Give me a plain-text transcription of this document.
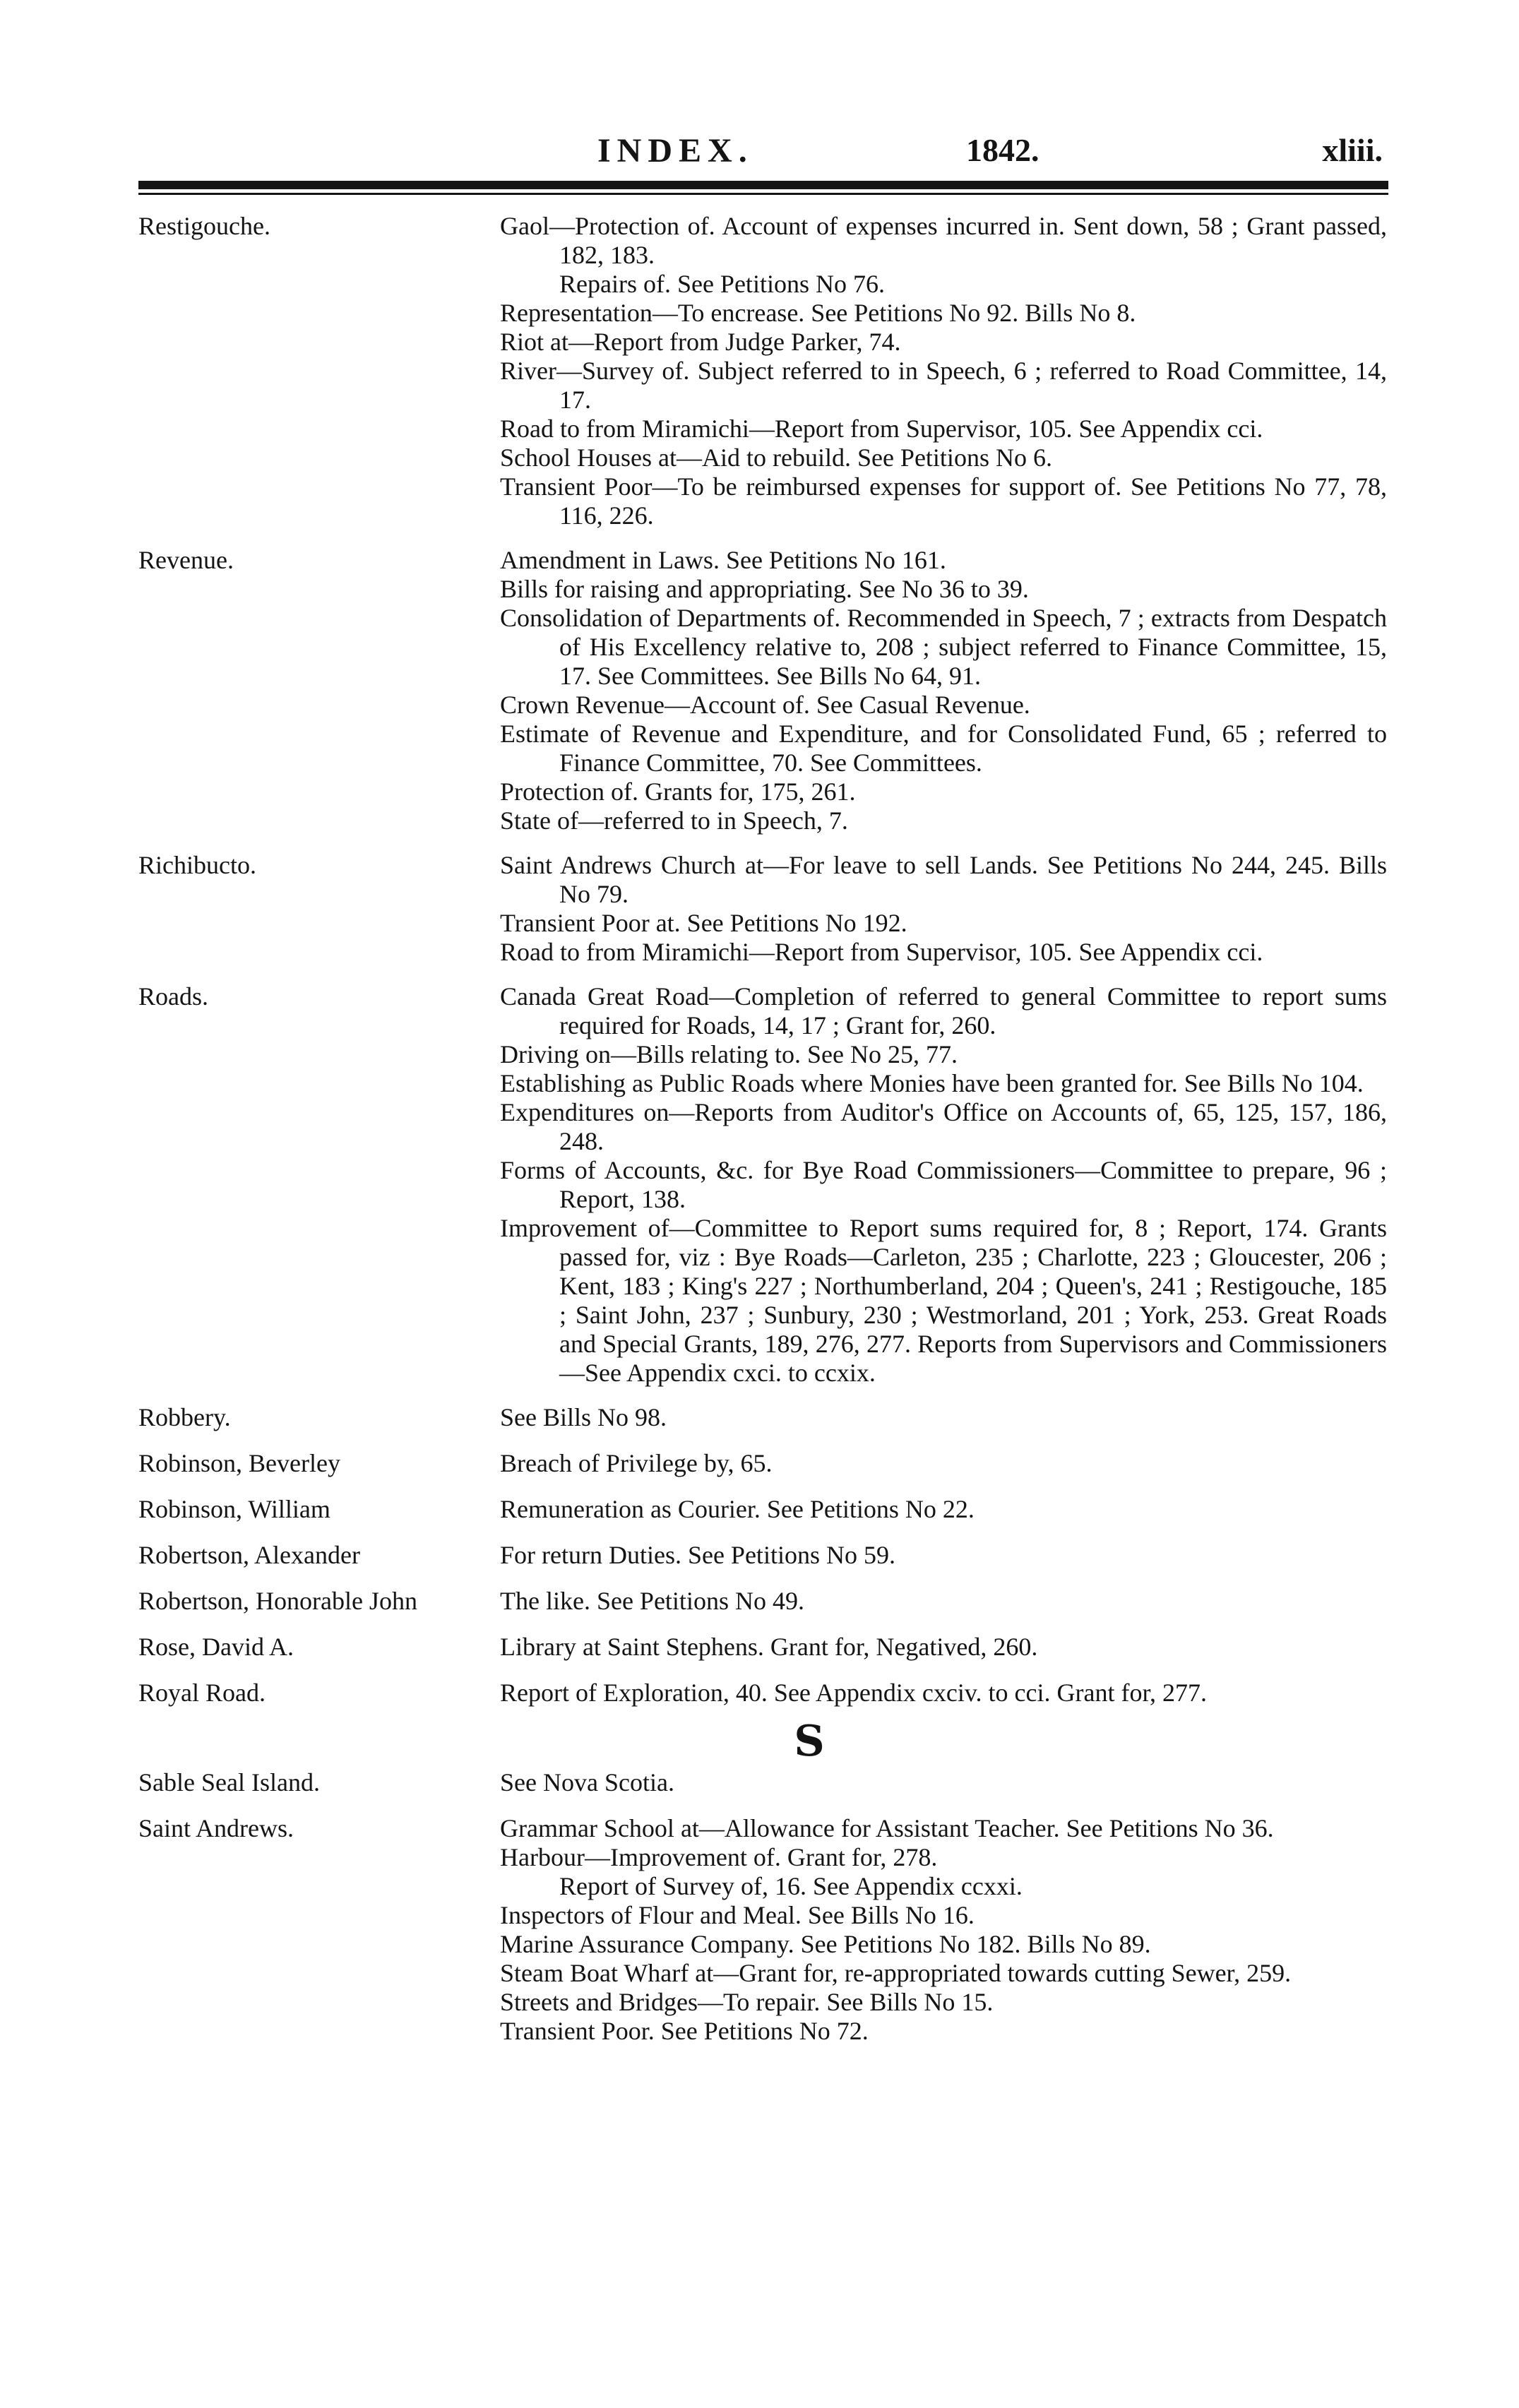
INDEX.	1842.	xliii.
Restigouche.	Gaol—Protection of. Account of expenses incurred in. Sent down, 58 ; Grant passed, 182, 183.
Repairs of. See Petitions No 76.
Representation—To encrease. See Petitions No 92. Bills No 8.
Riot at—Report from Judge Parker, 74.
River—Survey of. Subject referred to in Speech, 6 ; referred to Road Committee, 14, 17.
Road to from Miramichi—Report from Supervisor, 105. See Appendix cci.
School Houses at—Aid to rebuild. See Petitions No 6.
Transient Poor—To be reimbursed expenses for support of. See Petitions No 77, 78, 116, 226.
Revenue.	Amendment in Laws. See Petitions No 161.
Bills for raising and appropriating. See No 36 to 39.
Consolidation of Departments of. Recommended in Speech, 7 ; extracts from Despatch of His Excellency relative to, 208 ; subject referred to Finance Committee, 15, 17. See Committees. See Bills No 64, 91.
Crown Revenue—Account of. See Casual Revenue.
Estimate of Revenue and Expenditure, and for Consolidated Fund, 65 ; referred to Finance Committee, 70. See Committees.
Protection of. Grants for, 175, 261.
State of—referred to in Speech, 7.
Richibucto.	Saint Andrews Church at—For leave to sell Lands. See Petitions No 244, 245. Bills No 79.
Transient Poor at. See Petitions No 192.
Road to from Miramichi—Report from Supervisor, 105. See Appendix cci.
Roads.	Canada Great Road—Completion of referred to general Committee to report sums required for Roads, 14, 17 ; Grant for, 260.
Driving on—Bills relating to. See No 25, 77.
Establishing as Public Roads where Monies have been granted for. See Bills No 104.
Expenditures on—Reports from Auditor's Office on Accounts of, 65, 125, 157, 186, 248.
Forms of Accounts, &c. for Bye Road Commissioners—Committee to prepare, 96 ; Report, 138.
Improvement of—Committee to Report sums required for, 8 ; Report, 174. Grants passed for, viz : Bye Roads—Carleton, 235 ; Charlotte, 223 ; Gloucester, 206 ; Kent, 183 ; King's 227 ; Northumberland, 204 ; Queen's, 241 ; Restigouche, 185 ; Saint John, 237 ; Sunbury, 230 ; Westmorland, 201 ; York, 253. Great Roads and Special Grants, 189, 276, 277. Reports from Supervisors and Commissioners—See Appendix cxci. to ccxix.
Robbery.	See Bills No 98.
Robinson, Beverley	Breach of Privilege by, 65.
Robinson, William	Remuneration as Courier. See Petitions No 22.
Robertson, Alexander	For return Duties. See Petitions No 59.
Robertson, Honorable John	The like. See Petitions No 49.
Rose, David A.	Library at Saint Stephens. Grant for, Negatived, 260.
Royal Road.	Report of Exploration, 40. See Appendix cxciv. to cci. Grant for, 277.
S
Sable Seal Island.	See Nova Scotia.
Saint Andrews.	Grammar School at—Allowance for Assistant Teacher. See Petitions No 36.
Harbour—Improvement of. Grant for, 278.
Report of Survey of, 16. See Appendix ccxxi.
Inspectors of Flour and Meal. See Bills No 16.
Marine Assurance Company. See Petitions No 182. Bills No 89.
Steam Boat Wharf at—Grant for, re-appropriated towards cutting Sewer, 259.
Streets and Bridges—To repair. See Bills No 15.
Transient Poor. See Petitions No 72.
